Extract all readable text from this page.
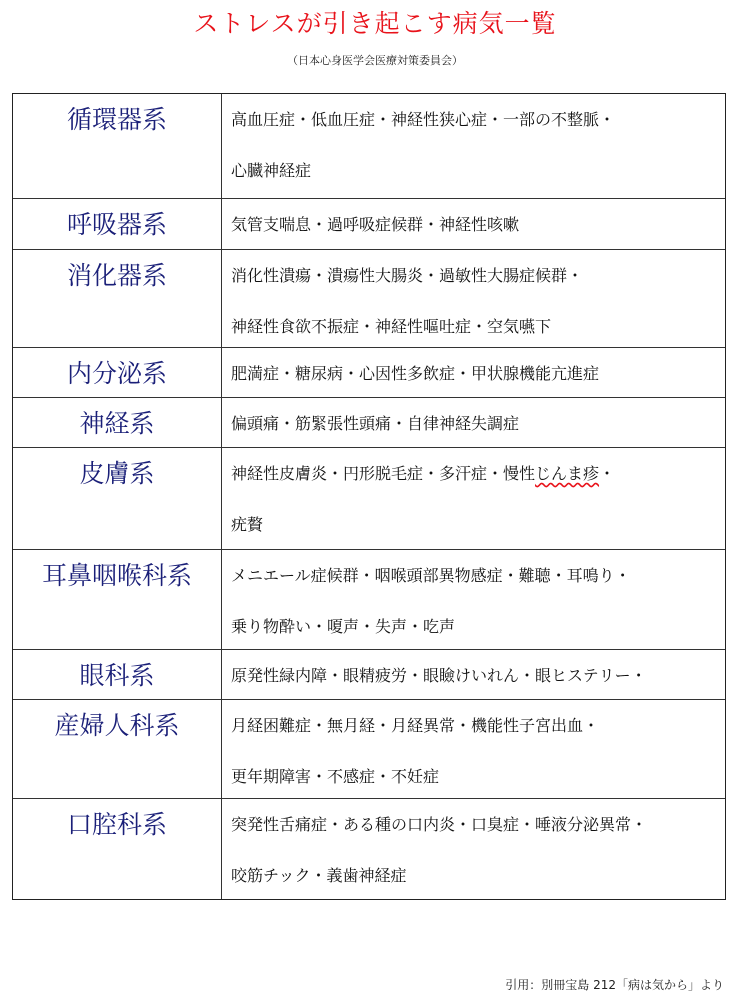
ストレスが引き起こす病気一覧
（日本心身医学会医療対策委員会）
循環器系	高血圧症・低血圧症・神経性狭心症・一部の不整脈・
心臓神経症
呼吸器系	気管支喘息・過呼吸症候群・神経性咳嗽
消化器系	消化性潰瘍・潰瘍性大腸炎・過敏性大腸症候群・
神経性食欲不振症・神経性嘔吐症・空気嚥下
内分泌系	肥満症・糖尿病・心因性多飲症・甲状腺機能亢進症
神経系	偏頭痛・筋緊張性頭痛・自律神経失調症
皮膚系	神経性皮膚炎・円形脱毛症・多汗症・慢性じんま疹・
疣贅
耳鼻咽喉科系	メニエール症候群・咽喉頭部異物感症・難聴・耳鳴り・
乗り物酔い・嗄声・失声・吃声
眼科系	原発性緑内障・眼精疲労・眼瞼けいれん・眼ヒステリー・
産婦人科系	月経困難症・無月経・月経異常・機能性子宮出血・
更年期障害・不感症・不妊症
口腔科系	突発性舌痛症・ある種の口内炎・口臭症・唾液分泌異常・
咬筋チック・義歯神経症
引用：別冊宝島 212「病は気から」より
